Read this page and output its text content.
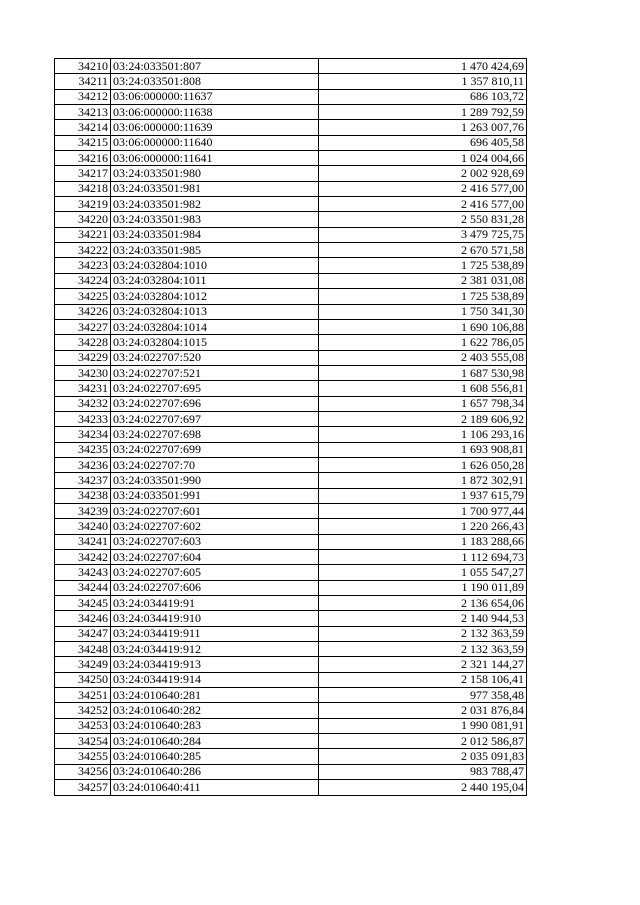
34210	03:24:033501:807	1 470 424,69
34211	03:24:033501:808	1 357 810,11
34212	03:06:000000:11637	686 103,72
34213	03:06:000000:11638	1 289 792,59
34214	03:06:000000:11639	1 263 007,76
34215	03:06:000000:11640	696 405,58
34216	03:06:000000:11641	1 024 004,66
34217	03:24:033501:980	2 002 928,69
34218	03:24:033501:981	2 416 577,00
34219	03:24:033501:982	2 416 577,00
34220	03:24:033501:983	2 550 831,28
34221	03:24:033501:984	3 479 725,75
34222	03:24:033501:985	2 670 571,58
34223	03:24:032804:1010	1 725 538,89
34224	03:24:032804:1011	2 381 031,08
34225	03:24:032804:1012	1 725 538,89
34226	03:24:032804:1013	1 750 341,30
34227	03:24:032804:1014	1 690 106,88
34228	03:24:032804:1015	1 622 786,05
34229	03:24:022707:520	2 403 555,08
34230	03:24:022707:521	1 687 530,98
34231	03:24:022707:695	1 608 556,81
34232	03:24:022707:696	1 657 798,34
34233	03:24:022707:697	2 189 606,92
34234	03:24:022707:698	1 106 293,16
34235	03:24:022707:699	1 693 908,81
34236	03:24:022707:70	1 626 050,28
34237	03:24:033501:990	1 872 302,91
34238	03:24:033501:991	1 937 615,79
34239	03:24:022707:601	1 700 977,44
34240	03:24:022707:602	1 220 266,43
34241	03:24:022707:603	1 183 288,66
34242	03:24:022707:604	1 112 694,73
34243	03:24:022707:605	1 055 547,27
34244	03:24:022707:606	1 190 011,89
34245	03:24:034419:91	2 136 654,06
34246	03:24:034419:910	2 140 944,53
34247	03:24:034419:911	2 132 363,59
34248	03:24:034419:912	2 132 363,59
34249	03:24:034419:913	2 321 144,27
34250	03:24:034419:914	2 158 106,41
34251	03:24:010640:281	977 358,48
34252	03:24:010640:282	2 031 876,84
34253	03:24:010640:283	1 990 081,91
34254	03:24:010640:284	2 012 586,87
34255	03:24:010640:285	2 035 091,83
34256	03:24:010640:286	983 788,47
34257	03:24:010640:411	2 440 195,04
